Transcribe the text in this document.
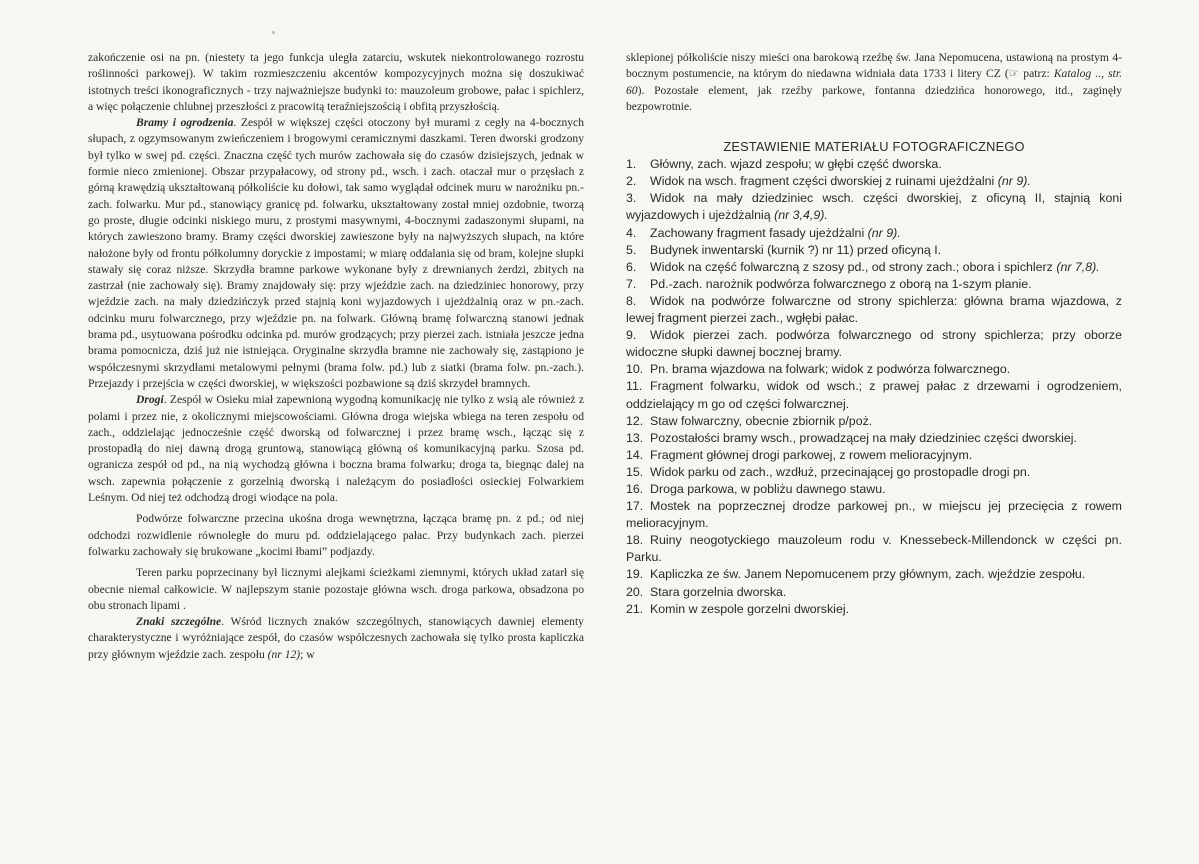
zakończenie osi na pn. (niestety ta jego funkcja uległa zatarciu, wskutek niekontrolowanego rozrostu roślinności parkowej). W takim rozmieszczeniu akcentów kompozycyjnych można się doszukiwać istotnych treści ikonograficznych - trzy najważniejsze budynki to: mauzoleum grobowe, pałac i spichlerz, a więc połączenie chlubnej przeszłości z pracowitą teraźniejszością i obfitą przyszłością.

Bramy i ogrodzenia. Zespół w większej części otoczony był murami z cegły na 4-bocznych słupach, z ogzymsowanym zwieńczeniem i brogowymi ceramicznymi daszkami. Teren dworski grodzony był tylko w swej pd. części. Znaczna część tych murów zachowała się do czasów dzisiejszych, jednak w formie nieco zmienionej. Obszar przypałacowy, od strony pd., wsch. i zach. otaczał mur o przęsłach z górną krawędzią ukształtowaną półkoliście ku dołowi, tak samo wyglądał odcinek muru w narożniku pn.-zach. folwarku. Mur pd., stanowiący granicę pd. folwarku, ukształtowany został mniej ozdobnie, tworzą go proste, długie odcinki niskiego muru, z prostymi masywnymi, 4-bocznymi zadaszonymi słupami, na których zawieszono bramy. Bramy części dworskiej zawieszone były na najwyższych słupach, na które nałożone były od frontu półkolumny doryckie z impostami; w miarę oddalania się od bram, kolejne słupki stawały się coraz niższe. Skrzydła bramne parkowe wykonane były z drewnianych żerdzi, zbitych na zastrzał (nie zachowały się). Bramy znajdowały się: przy wjeździe zach. na dziedziniec honorowy, przy wjeździe zach. na mały dziedzińczyk przed stajnią koni wyjazdowych i ujeżdżalnią oraz w pn.-zach. odcinku muru folwarcznego, przy wjeździe pn. na folwark. Główną bramę folwarczną stanowi jednak brama pd., usytuowana pośrodku odcinka pd. murów grodzących; przy pierzei zach. istniała jeszcze jedna brama pomocnicza, dziś już nie istniejąca. Oryginalne skrzydła bramne nie zachowały się, zastąpiono je współczesnymi skrzydłami metalowymi pełnymi (brama folw. pd.) lub z siatki (brama folw. pn.-zach.). Przejazdy i przejścia w części dworskiej, w większości pozbawione są dziś skrzydeł bramnych.

Drogi. Zespół w Osieku miał zapewnioną wygodną komunikację nie tylko z wsią ale również z polami i przez nie, z okolicznymi miejscowościami. Główna droga wiejska wbiega na teren zespołu od zach., oddzielając jednocześnie część dworską od folwarcznej i przez bramę wsch., łącząc się z prostopadłą do niej dawną drogą gruntową, stanowiącą główną oś komunikacyjną parku. Szosa pd. ogranicza zespół od pd., na nią wychodzą główna i boczna brama folwarku; droga ta, biegnąc dalej na wsch. zapewnia połączenie z gorzelnią dworską i należącym do posiadłości osieckiej Folwarkiem Leśnym. Od niej też odchodzą drogi wiodące na pola.

Podwórze folwarczne przecina ukośna droga wewnętrzna, łącząca bramę pn. z pd.; od niej odchodzi rozwidlenie równoległe do muru pd. oddzielającego pałac. Przy budynkach zach. pierzei folwarku zachowały się brukowane „kocimi łbami” podjazdy.

Teren parku poprzecinany był licznymi alejkami ścieżkami ziemnymi, których układ zatarł się obecnie niemal całkowicie. W najlepszym stanie pozostaje główna wsch. droga parkowa, obsadzona po obu stronach lipami .

Znaki szczególne. Wśród licznych znaków szczególnych, stanowiących dawniej elementy charakterystyczne i wyróżniające zespół, do czasów współczesnych zachowała się tylko prosta kapliczka przy głównym wjeździe zach. zespołu (nr 12); w

sklepionej półkoliście niszy mieści ona barokową rzeźbę św. Jana Nepomucena, ustawioną na prostym 4-bocznym postumencie, na którym do niedawna widniała data 1733 i litery CZ (☞ patrz: Katalog .., str. 60). Pozostałe element, jak rzeźby parkowe, fontanna dziedzińca honorowego, itd., zaginęły bezpowrotnie.

ZESTAWIENIE MATERIAŁU FOTOGRAFICZNEGO
1. Główny, zach. wjazd zespołu; w głębi część dworska.
2. Widok na wsch. fragment części dworskiej z ruinami ujeżdżalni (nr 9).
3. Widok na mały dziedziniec wsch. części dworskiej, z oficyną II, stajnią koni wyjazdowych i ujeżdżalnią (nr 3,4,9).
4. Zachowany fragment fasady ujeżdżalni (nr 9).
5. Budynek inwentarski (kurnik ?) nr 11) przed oficyną I.
6. Widok na część folwarczną z szosy pd., od strony zach.; obora i spichlerz (nr 7,8).
7. Pd.-zach. narożnik podwórza folwarcznego z oborą na 1-szym planie.
8. Widok na podwórze folwarczne od strony spichlerza: główna brama wjazdowa, z lewej fragment pierzei zach., wgłębi pałac.
9. Widok pierzei zach. podwórza folwarcznego od strony spichlerza; przy oborze widoczne słupki dawnej bocznej bramy.
10. Pn. brama wjazdowa na folwark; widok z podwórza folwarcznego.
11. Fragment folwarku, widok od wsch.; z prawej pałac z drzewami i ogrodzeniem, oddzielający m go od części folwarcznej.
12. Staw folwarczny, obecnie zbiornik p/poż.
13. Pozostałości bramy wsch., prowadzącej na mały dziedziniec części dworskiej.
14. Fragment głównej drogi parkowej, z rowem melioracyjnym.
15. Widok parku od zach., wzdłuż, przecinającej go prostopadle drogi pn.
16. Droga parkowa, w pobliżu dawnego stawu.
17. Mostek na poprzecznej drodze parkowej pn., w miejscu jej przecięcia z rowem melioracyjnym.
18. Ruiny neogotyckiego mauzoleum rodu v. Knessebeck-Millendonck w części pn. Parku.
19. Kapliczka ze św. Janem Nepomucenem przy głównym, zach. wjeździe zespołu.
20. Stara gorzelnia dworska.
21. Komin w zespole gorzelni dworskiej.
